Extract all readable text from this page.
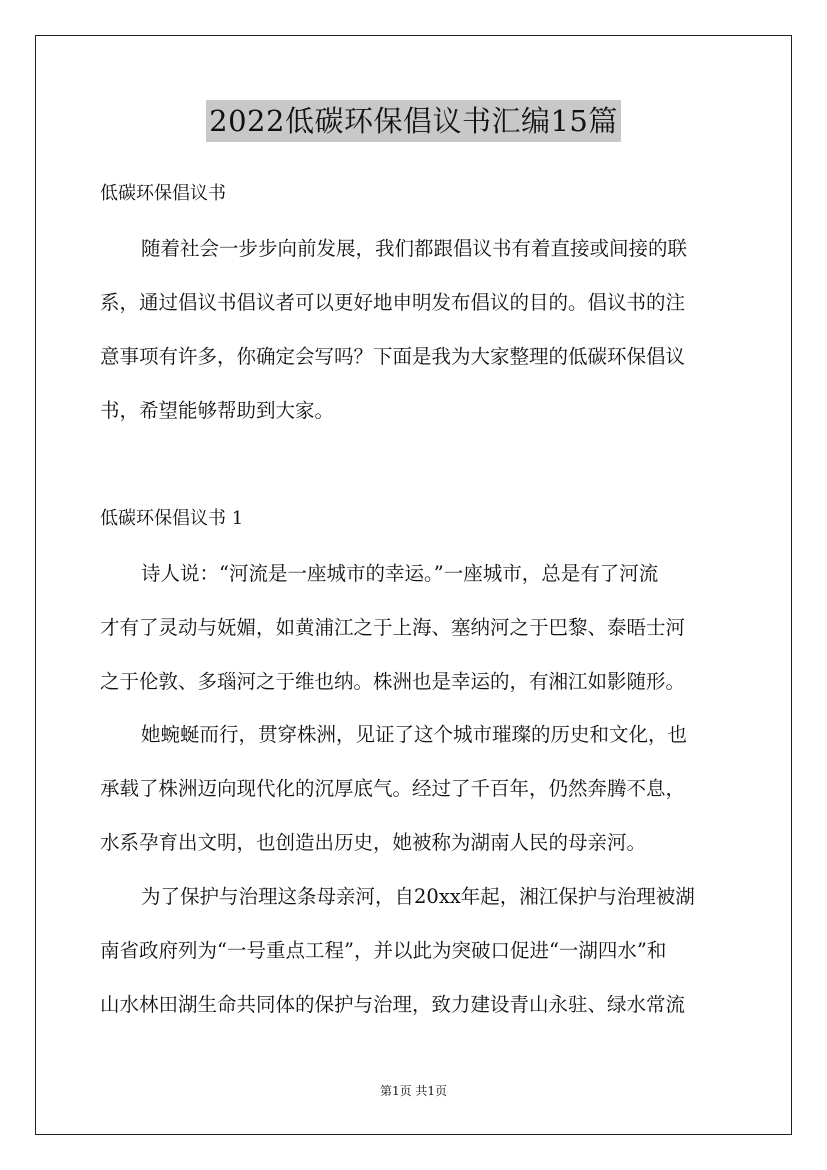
2022低碳环保倡议书汇编15篇
低碳环保倡议书
随着社会一步步向前发展，我们都跟倡议书有着直接或间接的联
系，通过倡议书倡议者可以更好地申明发布倡议的目的。倡议书的注
意事项有许多，你确定会写吗？下面是我为大家整理的低碳环保倡议
书，希望能够帮助到大家。
低碳环保倡议书 1
诗人说：“河流是一座城市的幸运。”一座城市，总是有了河流
才有了灵动与妩媚，如黄浦江之于上海、塞纳河之于巴黎、泰晤士河
之于伦敦、多瑙河之于维也纳。株洲也是幸运的，有湘江如影随形。
她蜿蜒而行，贯穿株洲，见证了这个城市璀璨的历史和文化，也
承载了株洲迈向现代化的沉厚底气。经过了千百年，仍然奔腾不息，
水系孕育出文明，也创造出历史，她被称为湖南人民的母亲河。
为了保护与治理这条母亲河，自20xx年起，湘江保护与治理被湖
南省政府列为“一号重点工程”，并以此为突破口促进“一湖四水”和
山水林田湖生命共同体的保护与治理，致力建设青山永驻、绿水常流
第1页 共1页
